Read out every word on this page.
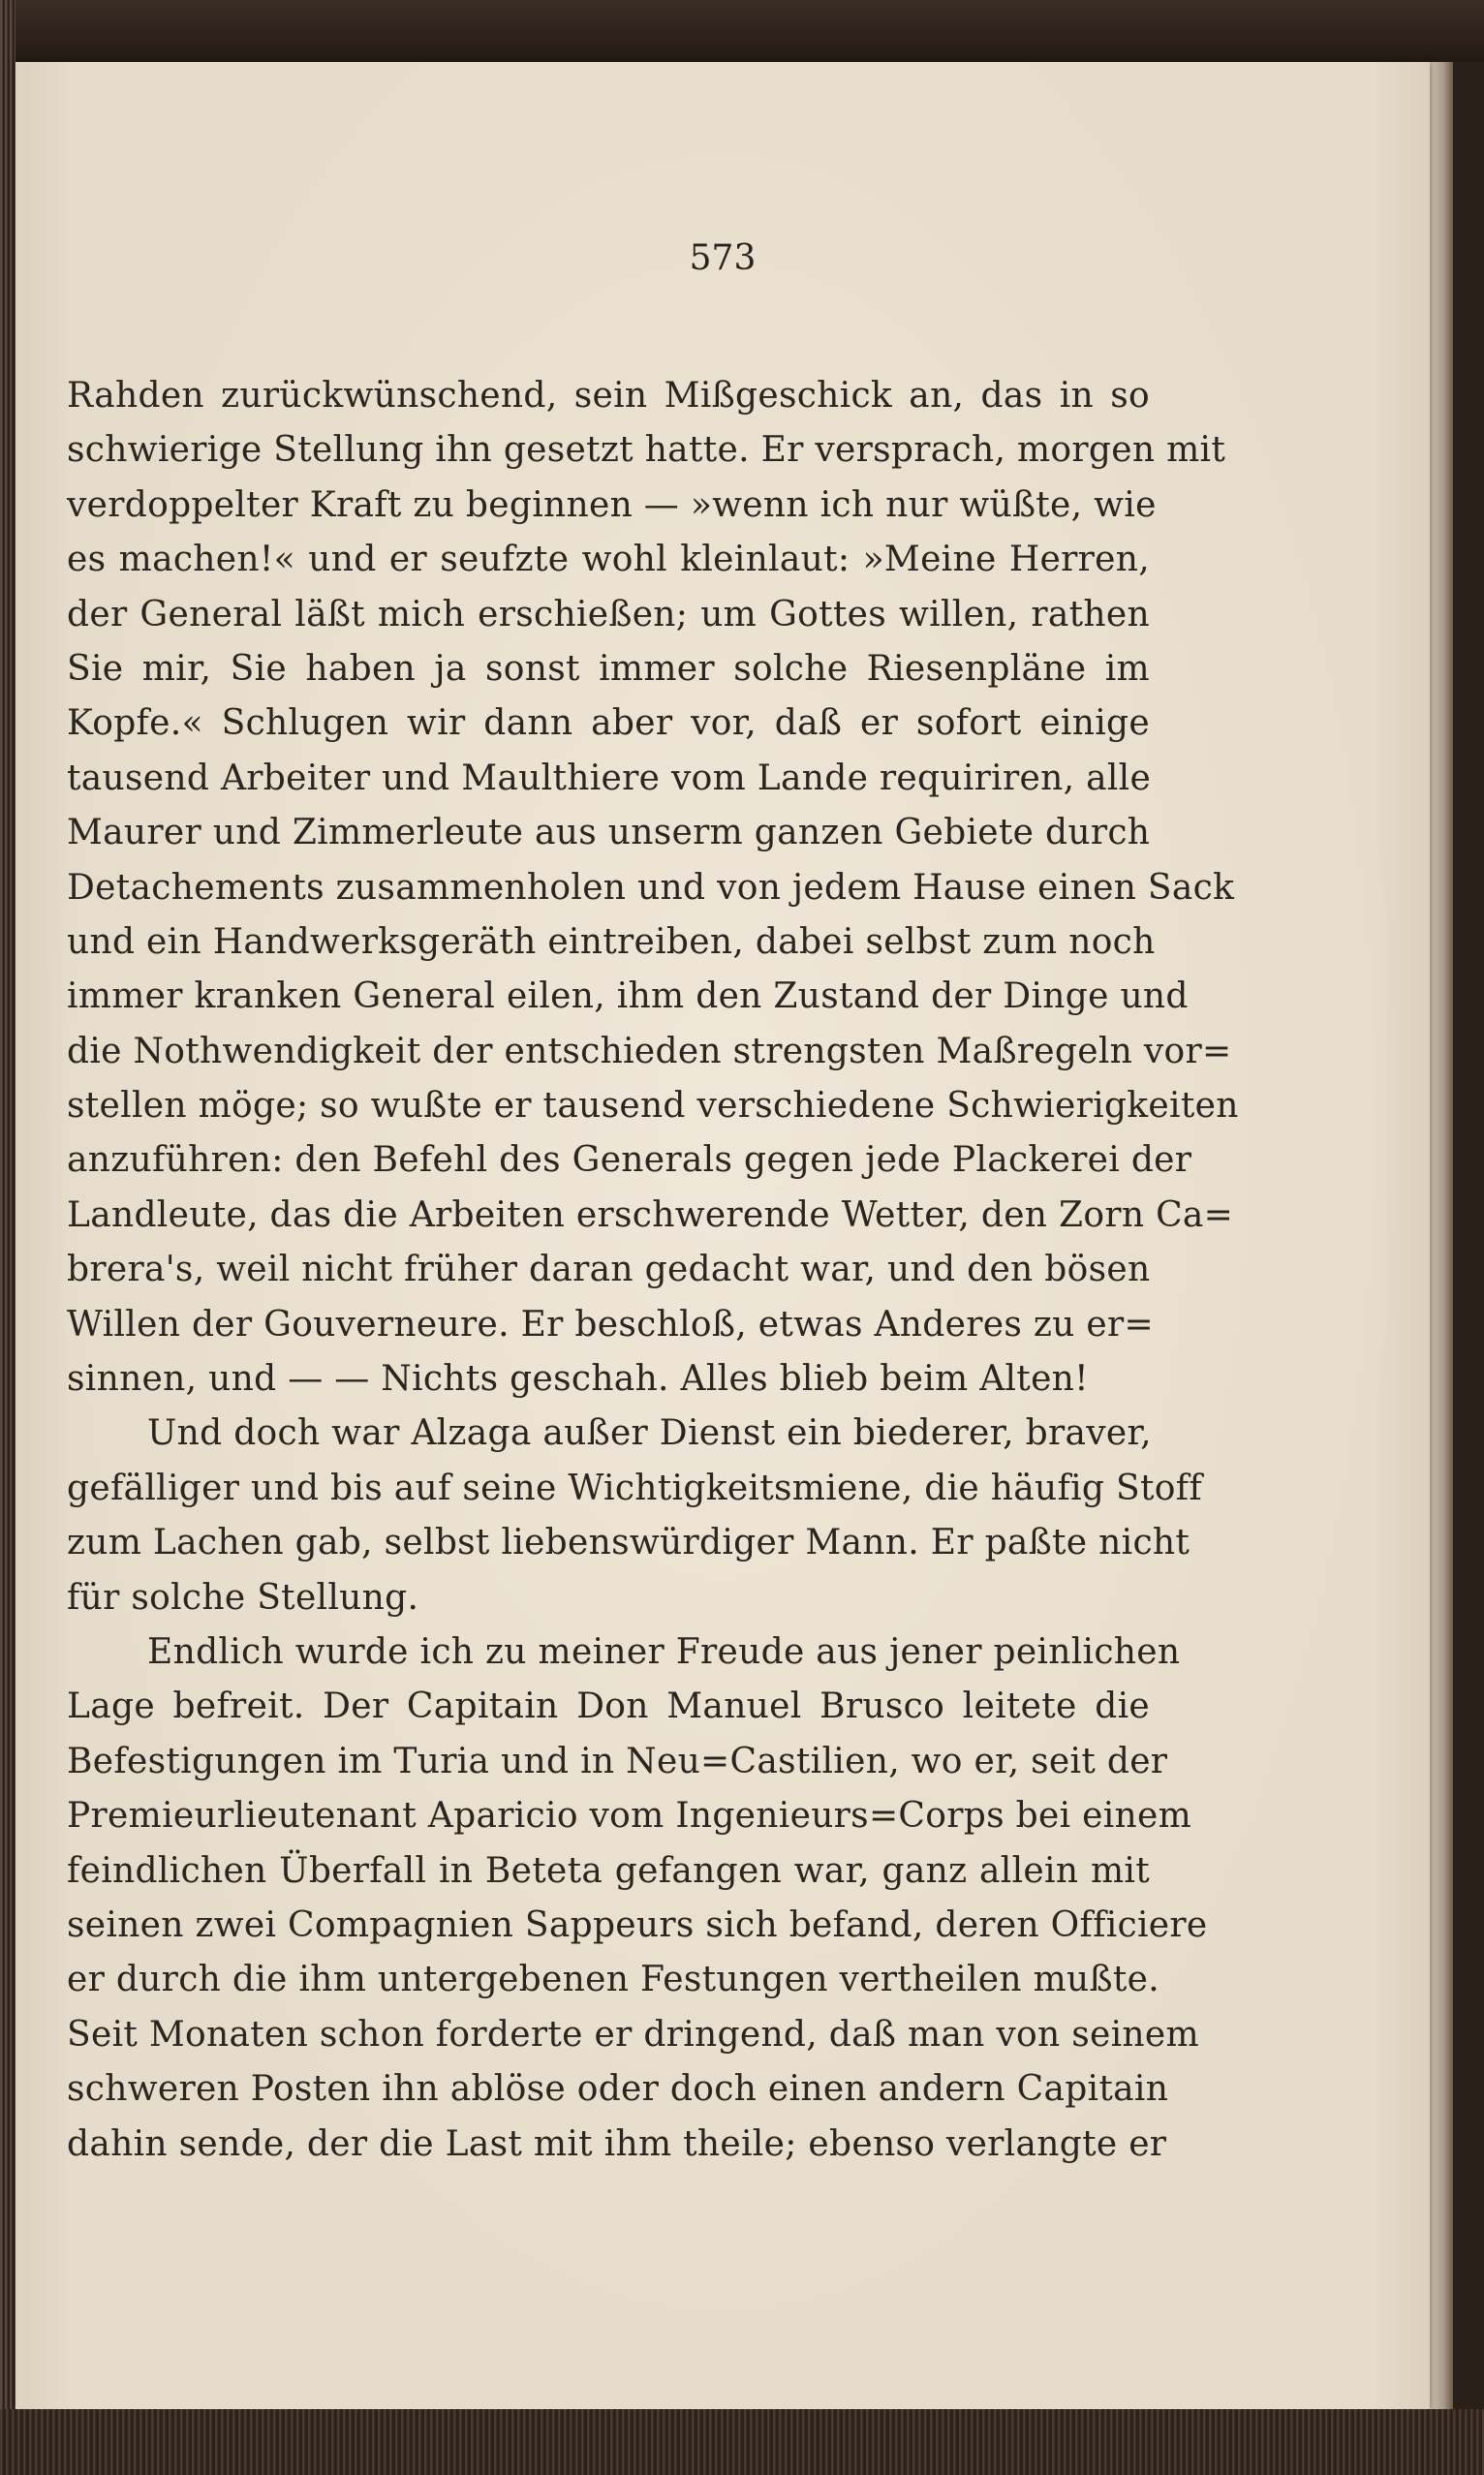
573
Rahden zurückwünschend, sein Mißgeschick an, das in so
schwierige Stellung ihn gesetzt hatte. Er versprach, morgen mit
verdoppelter Kraft zu beginnen — »wenn ich nur wüßte, wie
es machen!« und er seufzte wohl kleinlaut: »Meine Herren,
der General läßt mich erschießen; um Gottes willen, rathen
Sie mir, Sie haben ja sonst immer solche Riesenpläne im
Kopfe.« Schlugen wir dann aber vor, daß er sofort einige
tausend Arbeiter und Maulthiere vom Lande requiriren, alle
Maurer und Zimmerleute aus unserm ganzen Gebiete durch
Detachements zusammenholen und von jedem Hause einen Sack
und ein Handwerksgeräth eintreiben, dabei selbst zum noch
immer kranken General eilen, ihm den Zustand der Dinge und
die Nothwendigkeit der entschieden strengsten Maßregeln vor=
stellen möge; so wußte er tausend verschiedene Schwierigkeiten
anzuführen: den Befehl des Generals gegen jede Plackerei der
Landleute, das die Arbeiten erschwerende Wetter, den Zorn Ca=
brera's, weil nicht früher daran gedacht war, und den bösen
Willen der Gouverneure. Er beschloß, etwas Anderes zu er=
sinnen, und — — Nichts geschah. Alles blieb beim Alten!
Und doch war Alzaga außer Dienst ein biederer, braver,
gefälliger und bis auf seine Wichtigkeitsmiene, die häufig Stoff
zum Lachen gab, selbst liebenswürdiger Mann. Er paßte nicht
für solche Stellung.
Endlich wurde ich zu meiner Freude aus jener peinlichen
Lage befreit. Der Capitain Don Manuel Brusco leitete die
Befestigungen im Turia und in Neu=Castilien, wo er, seit der
Premieurlieutenant Aparicio vom Ingenieurs=Corps bei einem
feindlichen Überfall in Beteta gefangen war, ganz allein mit
seinen zwei Compagnien Sappeurs sich befand, deren Officiere
er durch die ihm untergebenen Festungen vertheilen mußte.
Seit Monaten schon forderte er dringend, daß man von seinem
schweren Posten ihn ablöse oder doch einen andern Capitain
dahin sende, der die Last mit ihm theile; ebenso verlangte er
